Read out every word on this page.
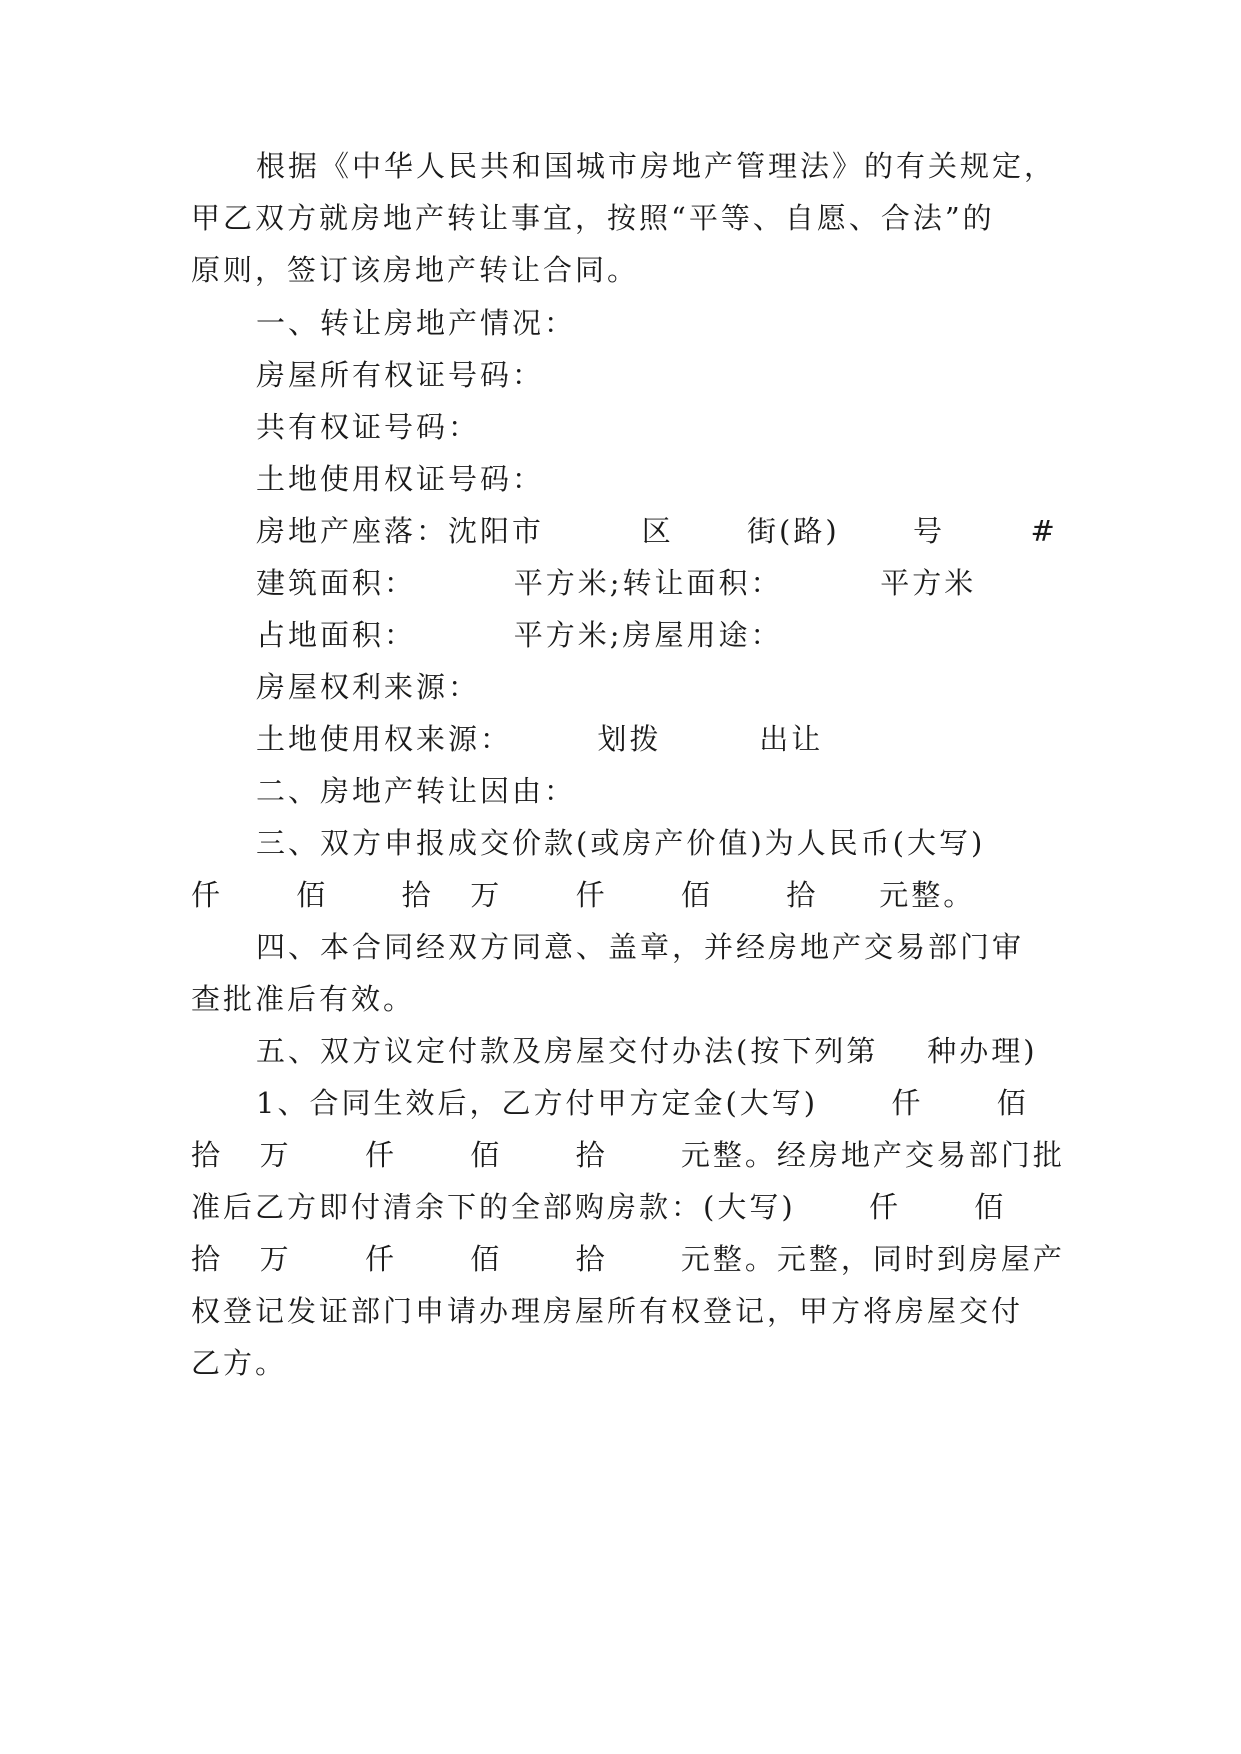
根据《中华人民共和国城市房地产管理法》的有关规定，
甲乙双方就房地产转让事宜，按照“平等、自愿、合法”的
原则，签订该房地产转让合同。
一、转让房地产情况：
房屋所有权证号码：
共有权证号码：
土地使用权证号码：
房地产座落：沈阳市        区      街(路)      号       #
建筑面积：        平方米;转让面积：        平方米
占地面积：        平方米;房屋用途：
房屋权利来源：
土地使用权来源：       划拨        出让
二、房地产转让因由：
三、双方申报成交价款(或房产价值)为人民币(大写)
仟      佰      拾   万      仟      佰      拾     元整。
四、本合同经双方同意、盖章，并经房地产交易部门审
查批准后有效。
五、双方议定付款及房屋交付办法(按下列第    种办理)
1、合同生效后，乙方付甲方定金(大写)      仟      佰
拾   万      仟      佰      拾      元整。经房地产交易部门批
准后乙方即付清余下的全部购房款：(大写)      仟      佰
拾   万      仟      佰      拾      元整。元整，同时到房屋产
权登记发证部门申请办理房屋所有权登记，甲方将房屋交付
乙方。
